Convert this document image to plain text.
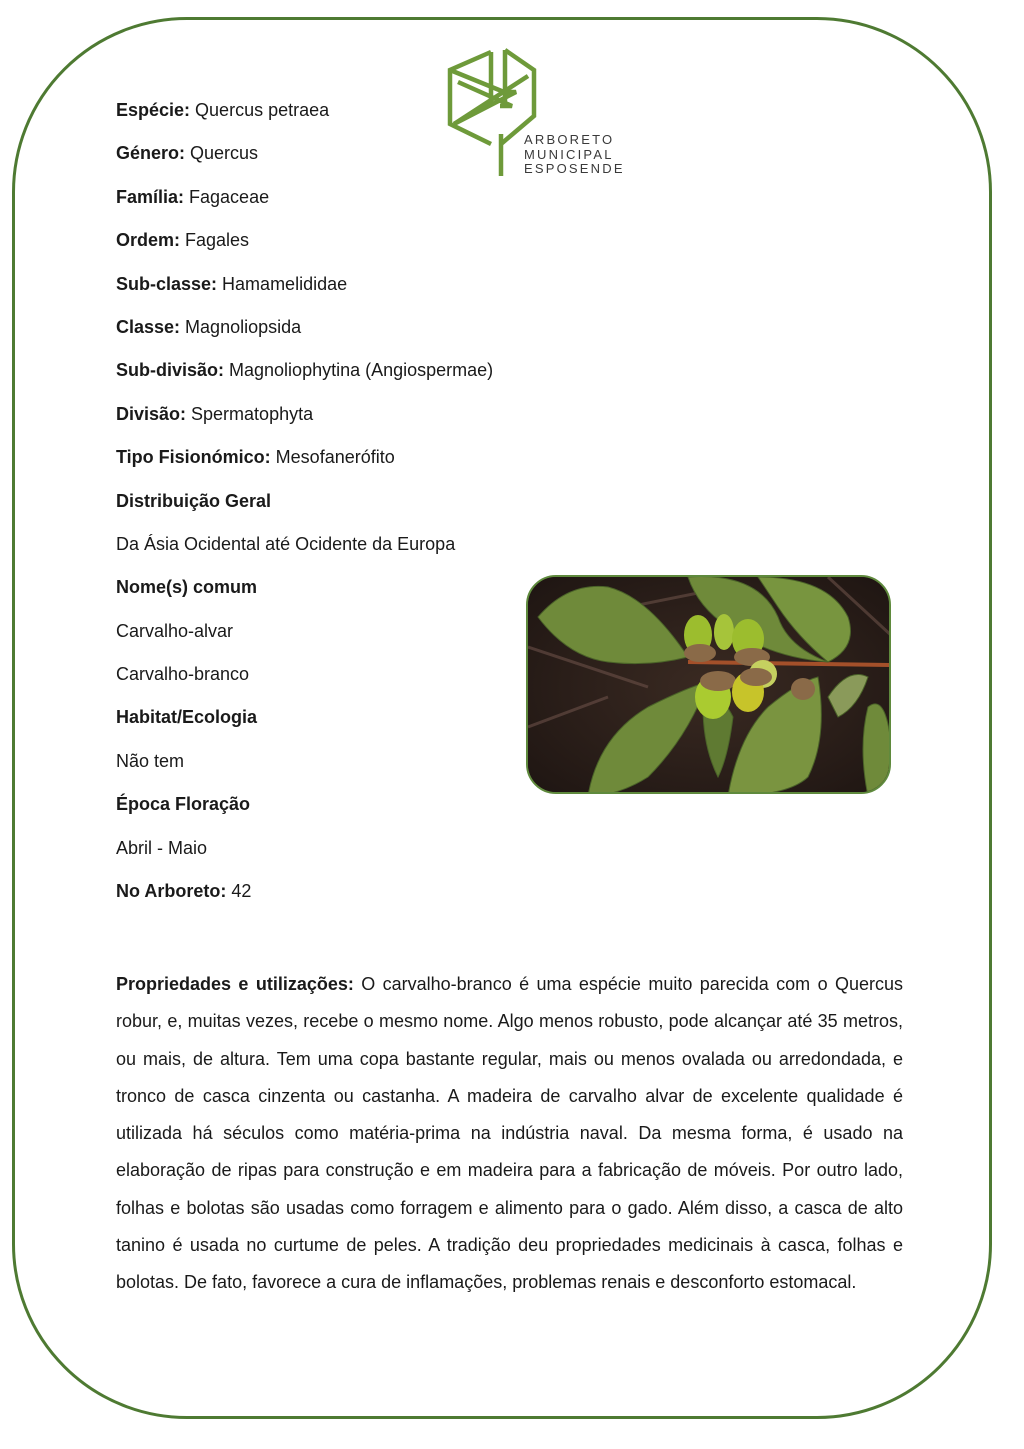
ARBORETO
MUNICIPAL
ESPOSENDE
Espécie: Quercus petraea
Género: Quercus
Família: Fagaceae
Ordem: Fagales
Sub-classe: Hamamelididae
Classe: Magnoliopsida
Sub-divisão: Magnoliophytina (Angiospermae)
Divisão: Spermatophyta
Tipo Fisionómico: Mesofanerófito
Distribuição Geral
Da Ásia Ocidental até Ocidente da Europa
Nome(s) comum
Carvalho-alvar
Carvalho-branco
Habitat/Ecologia
Não tem
Época Floração
Abril - Maio
No Arboreto: 42
Propriedades e utilizações: O carvalho-branco é uma espécie muito parecida com o Quercus robur, e, muitas vezes, recebe o mesmo nome. Algo menos robusto, pode alcançar até 35 metros, ou mais, de altura. Tem uma copa bastante regular, mais ou menos ovalada ou arredondada, e tronco de casca cinzenta ou castanha. A madeira de carvalho alvar de excelente qualidade é utilizada há séculos como matéria-prima na indústria naval. Da mesma forma, é usado na elaboração de ripas para construção e em madeira para a fabricação de móveis. Por outro lado, folhas e bolotas são usadas como forragem e alimento para o gado. Além disso, a casca de alto tanino é usada no curtume de peles. A tradição deu propriedades medicinais à casca, folhas e bolotas. De fato, favorece a cura de inflamações, problemas renais e desconforto estomacal.
